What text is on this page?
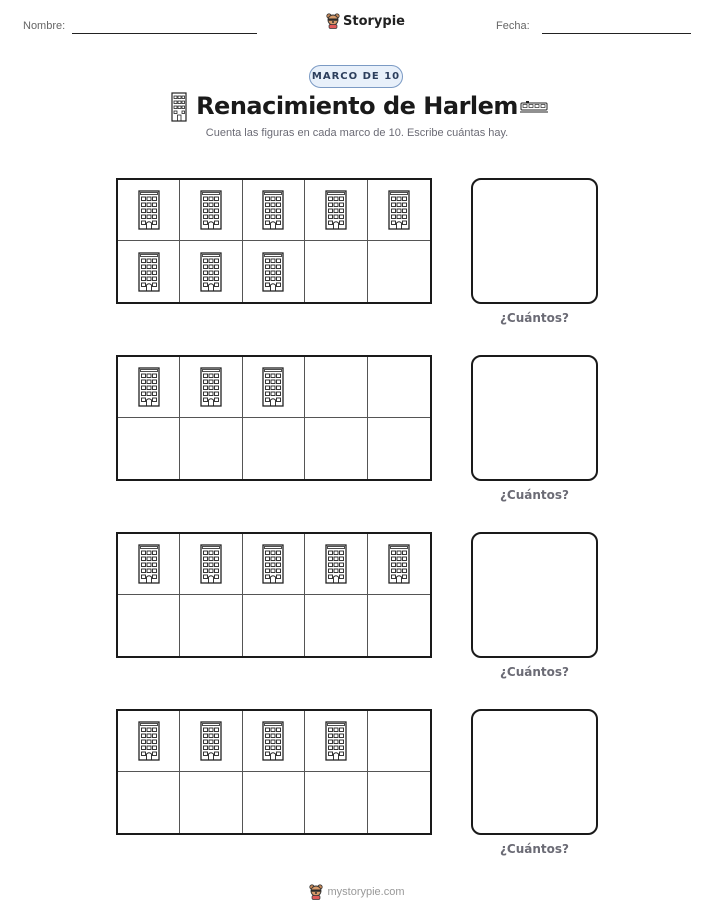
Nombre:	Storypie	Fecha:
MARCO DE 10
Renacimiento de Harlem
Cuenta las figuras en cada marco de 10. Escribe cuántas hay.
¿Cuántos?
¿Cuántos?
¿Cuántos?
¿Cuántos?
mystorypie.com
